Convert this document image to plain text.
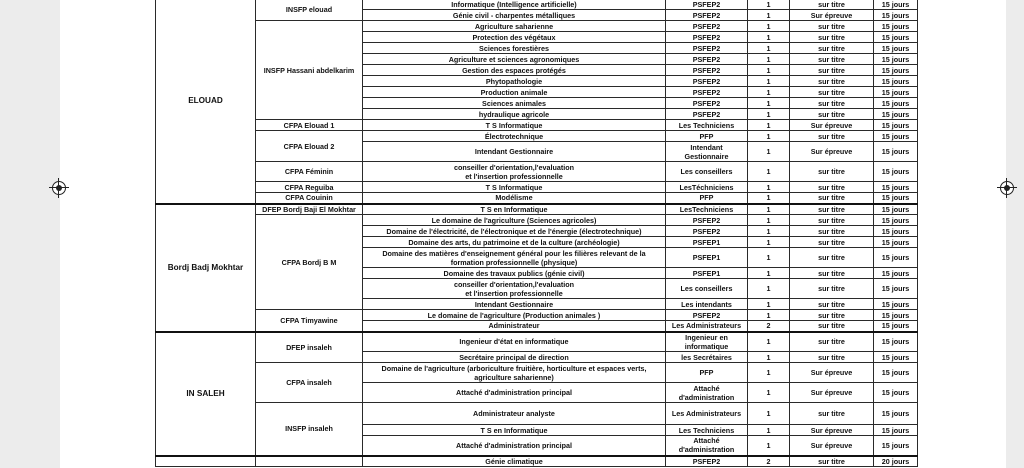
ELOUAD	INSFP elouad	Informatique (Intelligence artificielle)	PSFEP2	1	sur titre	15 jours
		Génie civil - charpentes métalliques	PSFEP2	1	Sur épreuve	15 jours
	INSFP Hassani abdelkarim	Agriculture saharienne	PSFEP2	1	sur titre	15 jours
		Protection des végétaux	PSFEP2	1	sur titre	15 jours
		Sciences forestières	PSFEP2	1	sur titre	15 jours
		Agriculture et sciences agronomiques	PSFEP2	1	sur titre	15 jours
		Gestion des espaces protégés	PSFEP2	1	sur titre	15 jours
		Phytopathologie	PSFEP2	1	sur titre	15 jours
		Production animale	PSFEP2	1	sur titre	15 jours
		Sciences animales	PSFEP2	1	sur titre	15 jours
		hydraulique agricole	PSFEP2	1	sur titre	15 jours
	CFPA Elouad 1	T S Informatique	Les Techniciens	1	Sur épreuve	15 jours
	CFPA Elouad 2	Électrotechnique	PFP	1	sur titre	15 jours
		Intendant Gestionnaire	Intendant Gestionnaire	1	Sur épreuve	15 jours
	CFPA Féminin	conseiller d'orientation,l'evaluation
et l'insertion professionnelle	Les conseillers	1	sur titre	15 jours
	CFPA Reguiba	T S Informatique	LesTéchniciens	1	sur titre	15 jours
	CFPA Couinin	Modélisme	PFP	1	sur titre	15 jours
Bordj Badj Mokhtar	DFEP Bordj Baji El Mokhtar	T S en Informatique	LesTechniciens	1	sur titre	15 jours
	CFPA Bordj B M	Le domaine de l'agriculture (Sciences agricoles)	PSFEP2	1	sur titre	15 jours
		Domaine de l'électricité, de l'électronique et de l'énergie (électrotechnique)	PSFEP2	1	sur titre	15 jours
		Domaine des arts, du patrimoine et de la culture (archéologie)	PSFEP1	1	sur titre	15 jours
		Domaine des matières d'enseignement général pour les filières relevant de la
formation professionnelle (physique)	PSFEP1	1	sur titre	15 jours
		Domaine des travaux publics (génie civil)	PSFEP1	1	sur titre	15 jours
		conseiller d'orientation,l'evaluation
et l'insertion professionnelle	Les conseillers	1	sur titre	15 jours
		Intendant Gestionnaire	Les intendants	1	sur titre	15 jours
	CFPA Timyawine	Le domaine de l'agriculture (Production animales )	PSFEP2	1	sur titre	15 jours
		Administrateur	Les Administrateurs	2	sur titre	15 jours
IN SALEH	DFEP insaleh	Ingenieur d'état en informatique	Ingenieur en
informatique	1	sur titre	15 jours
		Secrétaire principal de direction	les Secrétaires	1	sur titre	15 jours
	CFPA insaleh	Domaine de l'agriculture (arboriculture fruitière, horticulture et espaces verts,
agriculture saharienne)	PFP	1	Sur épreuve	15 jours
		Attaché d'administration principal	Attaché
d'administration	1	Sur épreuve	15 jours
	INSFP insaleh	Administrateur analyste	Les Administrateurs	1	sur titre	15 jours
		T S en Informatique	Les Techniciens	1	Sur épreuve	15 jours
		Attaché d'administration principal	Attaché
d'administration	1	Sur épreuve	15 jours
		Génie climatique	PSFEP2	2	sur titre	20 jours
